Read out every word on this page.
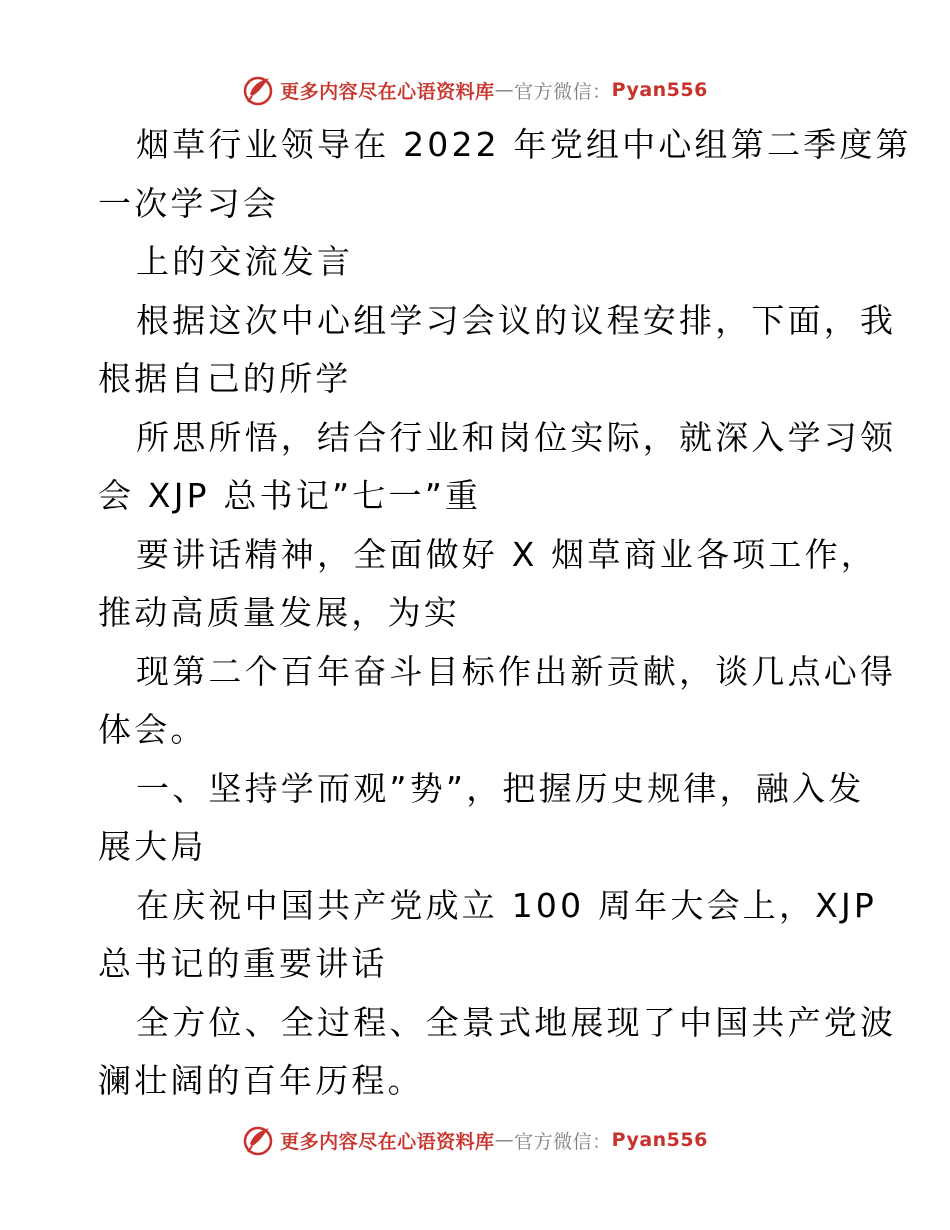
更多内容尽在心语资料库 — 官方微信： Pyan556
烟草行业领导在 2022 年党组中心组第二季度第
一次学习会
上的交流发言
根据这次中心组学习会议的议程安排，下面，我
根据自己的所学
所思所悟，结合行业和岗位实际，就深入学习领
会 XJP 总书记”七一”重
要讲话精神，全面做好 X 烟草商业各项工作，
推动高质量发展，为实
现第二个百年奋斗目标作出新贡献，谈几点心得
体会。
一、坚持学而观”势”，把握历史规律，融入发
展大局
在庆祝中国共产党成立 100 周年大会上，XJP
总书记的重要讲话
全方位、全过程、全景式地展现了中国共产党波
澜壮阔的百年历程。
更多内容尽在心语资料库 — 官方微信： Pyan556
